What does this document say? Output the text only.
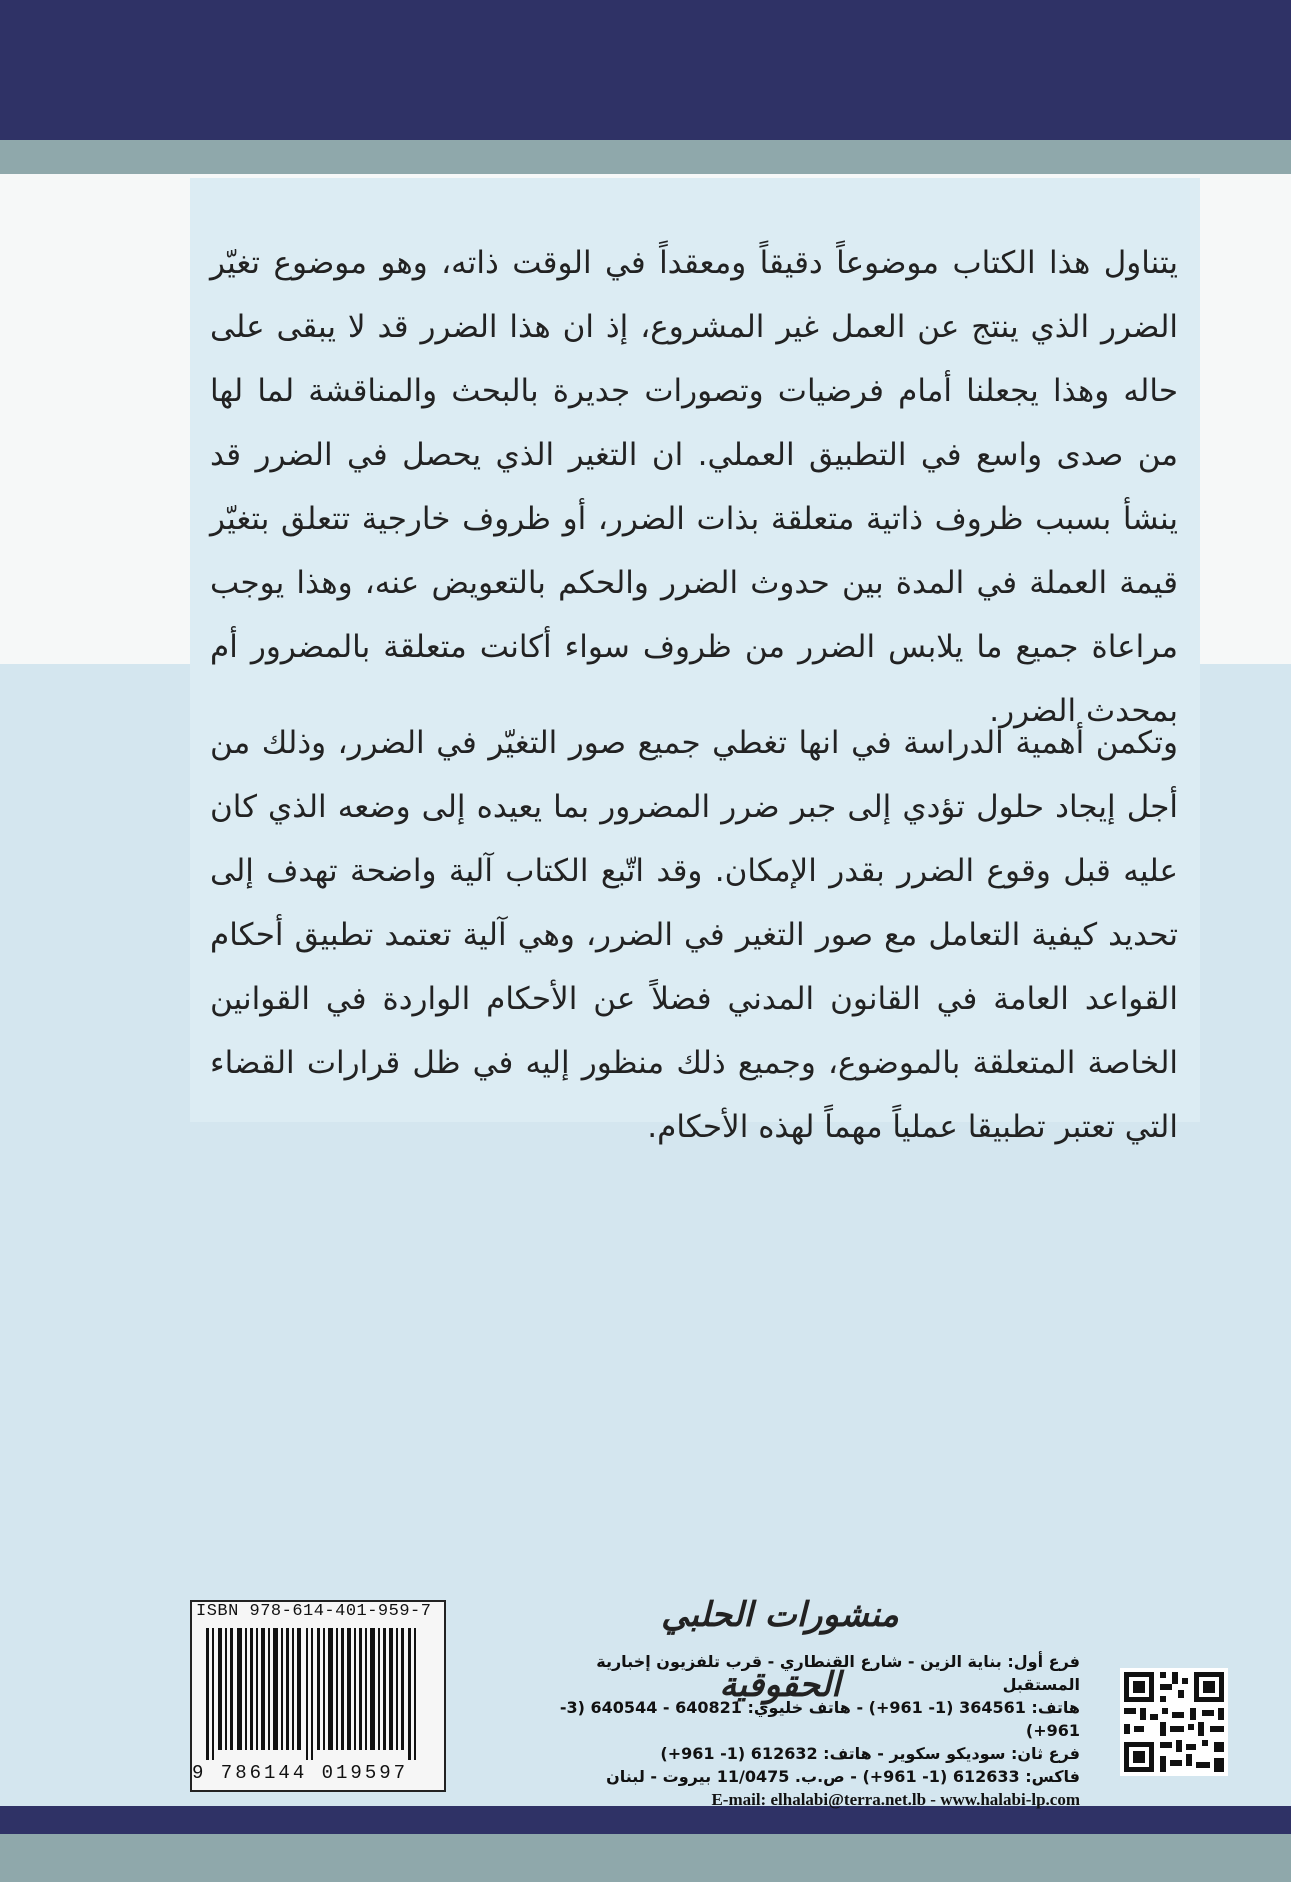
يتناول هذا الكتاب موضوعاً دقيقاً ومعقداً في الوقت ذاته، وهو موضوع تغيّر الضرر الذي ينتج عن العمل غير المشروع، إذ ان هذا الضرر قد لا يبقى على حاله وهذا يجعلنا أمام فرضيات وتصورات جديرة بالبحث والمناقشة لما لها من صدى واسع في التطبيق العملي. ان التغير الذي يحصل في الضرر قد ينشأ بسبب ظروف ذاتية متعلقة بذات الضرر، أو ظروف خارجية تتعلق بتغيّر قيمة العملة في المدة بين حدوث الضرر والحكم بالتعويض عنه، وهذا يوجب مراعاة جميع ما يلابس الضرر من ظروف سواء أكانت متعلقة بالمضرور أم بمحدث الضرر.

وتكمن أهمية الدراسة في انها تغطي جميع صور التغيّر في الضرر، وذلك من أجل إيجاد حلول تؤدي إلى جبر ضرر المضرور بما يعيده إلى وضعه الذي كان عليه قبل وقوع الضرر بقدر الإمكان. وقد اتّبع الكتاب آلية واضحة تهدف إلى تحديد كيفية التعامل مع صور التغير في الضرر، وهي آلية تعتمد تطبيق أحكام القواعد العامة في القانون المدني فضلاً عن الأحكام الواردة في القوانين الخاصة المتعلقة بالموضوع، وجميع ذلك منظور إليه في ظل قرارات القضاء التي تعتبر تطبيقا عملياً مهماً لهذه الأحكام.

منشورات الحلبي الحقوقية
فرع أول: بناية الزين - شارع القنطاري - قرب تلفزيون إخبارية المستقبل
هاتف: 364561 (1- 961+) - هاتف خليوي: 640821 - 640544 (3- 961+)
فرع ثان: سوديكو سكوير - هاتف: 612632 (1- 961+)
فاكس: 612633 (1- 961+) - ص.ب. 11/0475 بيروت - لبنان
E-mail: elhalabi@terra.net.lb - www.halabi-lp.com
ISBN 978-614-401-959-7
9 786144 019597
